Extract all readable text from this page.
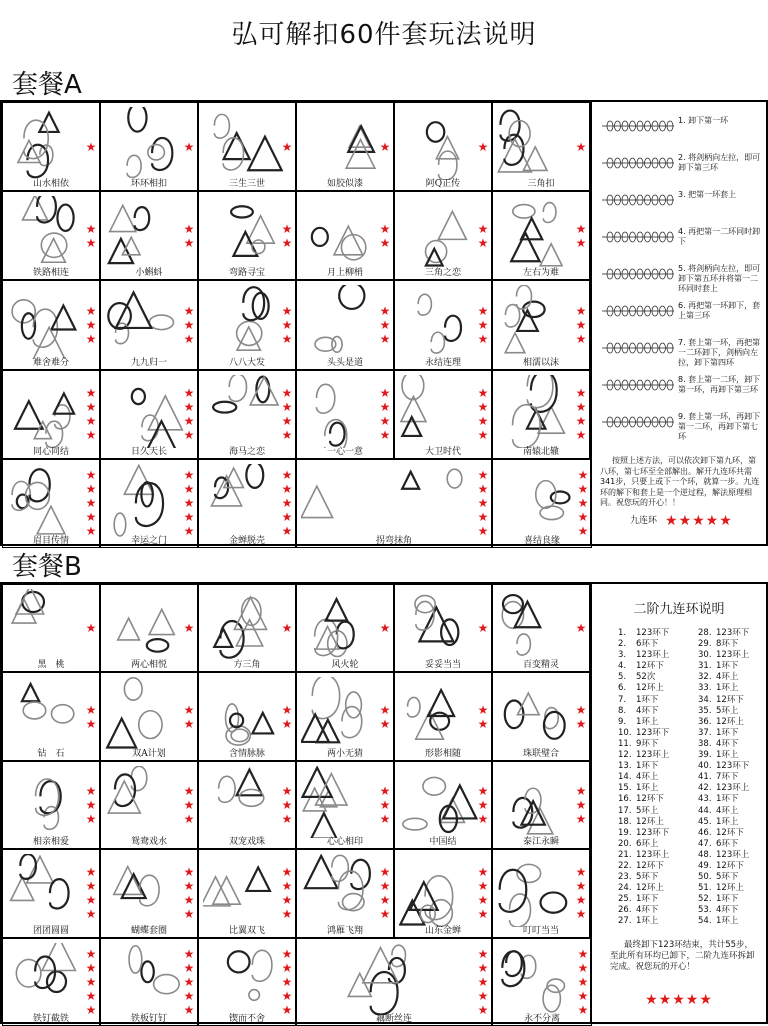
弘可解扣60件套玩法说明
套餐A
★
山水相依
★
环环相扣
★
三生三世
★
如胶似漆
★
阿Q正传
★
三角扣
★
★
铁路相连
★
★
小蝌蚪
★
★
弯路寻宝
★
★
月上柳梢
★
★
三角之恋
★
★
左右为难
★
★
★
难舍难分
★
★
★
九九归一
★
★
★
八八大发
★
★
★
头头是道
★
★
★
永结连理
★
★
★
相濡以沫
★
★
★
★
同心同结
★
★
★
★
日久天长
★
★
★
★
海马之恋
★
★
★
★
一心一意
★
★
★
★
大卫时代
★
★
★
★
南辕北辙
★
★
★
★
★
眉目传情
★
★
★
★
★
幸运之门
★
★
★
★
★
金蝉脱壳
★
★
★
★
★
拐弯抹角
★
★
★
★
★
喜结良缘
套餐B
★
黑　桃
★
两心相悦
★
方三角
★
风火轮
★
妥妥当当
★
百变精灵
★
★
钻　石
★
★
双A计划
★
★
含情脉脉
★
★
两小无猜
★
★
形影相随
★
★
珠联璧合
★
★
★
相亲相爱
★
★
★
鸳鸯戏水
★
★
★
双宠戏珠
★
★
★
心心相印
★
★
★
中国结
★
★
★
泰江永瞬
★
★
★
★
团团圆圆
★
★
★
★
蝴蝶套圈
★
★
★
★
比翼双飞
★
★
★
★
鸿雁飞翔
★
★
★
★
山东金蝉
★
★
★
★
叮叮当当
★
★
★
★
★
铁钉截铁
★
★
★
★
★
铁板钉钉
★
★
★
★
★
锲而不舍
★
★
★
★
★
藕断丝连
★
★
★
★
★
永不分离
按照上述方法，可以依次卸下第九环，第八环，第七环至全部解出。解开九连环共需341步，只要上或下一个环，就算一步。九连环的解下和套上是一个逆过程，解法原理相同。祝您玩的开心！！
九连环 ★★★★★
1. 卸下第一环
2. 将剑柄向左拉，即可卸下第三环
3. 把第一环套上
4. 再把第一二环同时卸下
5. 将剑柄向左拉，即可卸下第五环并将第一二环同时套上
6. 再把第一环卸下，套上第三环
7. 套上第一环，再把第一二环卸下，剑柄向左拉，卸下第四环
8. 套上第一二环，卸下第一环，再卸下第三环
9. 套上第一环，再卸下第一二环，再卸下第七环
二阶九连环说明
1.	123环下
2.	6环下
3.	123环上
4.	12环下
5.	52次
6.	12环上
7.	1环下
8.	4环下
9.	1环上
10. 123环下
11. 9环下
12. 123环上
13. 1环下
14. 4环上
15. 1环上
16. 12环下
17. 5环上
18. 12环上
19. 123环下
20. 6环上
21. 123环上
22. 12环下
23. 5环下
24. 12环上
25. 1环下
26. 4环下
27. 1环上
28. 123环下
29. 8环下
30. 123环上
31. 1环下
32. 4环上
33. 1环上
34. 12环下
35. 5环上
36. 12环上
37. 1环下
38. 4环下
39. 1环上
40. 123环下
41. 7环下
42. 123环上
43. 1环下
44. 4环上
45. 1环上
46. 12环下
47. 6环下
48. 123环上
49. 12环下
50. 5环下
51. 12环上
52. 1环下
53. 4环下
54. 1环上
最终卸下123环结束，共计55步，至此所有环均已卸下，二阶九连环拆卸完成。祝您玩的开心！
★★★★★
